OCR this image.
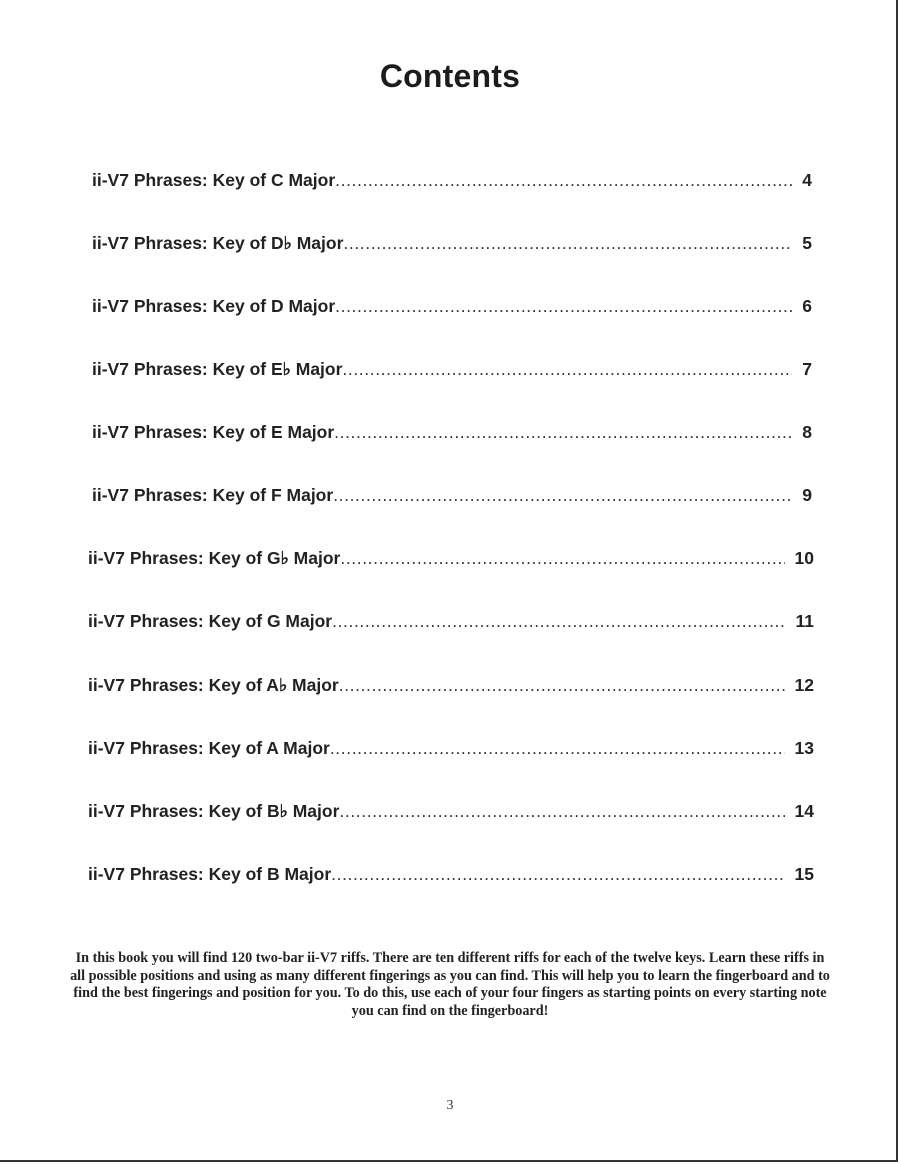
Contents
ii-V7 Phrases: Key of C Major .....	4
ii-V7 Phrases: Key of D♭ Major .....	5
ii-V7 Phrases: Key of D Major .....	6
ii-V7 Phrases: Key of E♭ Major .....	7
ii-V7 Phrases: Key of E Major .....	8
ii-V7 Phrases: Key of F Major .....	9
ii-V7 Phrases: Key of G♭ Major .....	10
ii-V7 Phrases: Key of G Major .....	11
ii-V7 Phrases: Key of A♭ Major .....	12
ii-V7 Phrases: Key of A Major .....	13
ii-V7 Phrases: Key of B♭ Major .....	14
ii-V7 Phrases: Key of B Major .....	15
In this book you will find 120 two-bar ii-V7 riffs. There are ten different riffs for each of the twelve keys. Learn these riffs in all possible positions and using as many different fingerings as you can find. This will help you to learn the fingerboard and to find the best fingerings and position for you. To do this, use each of your four fingers as starting points on every starting note you can find on the fingerboard!
3
